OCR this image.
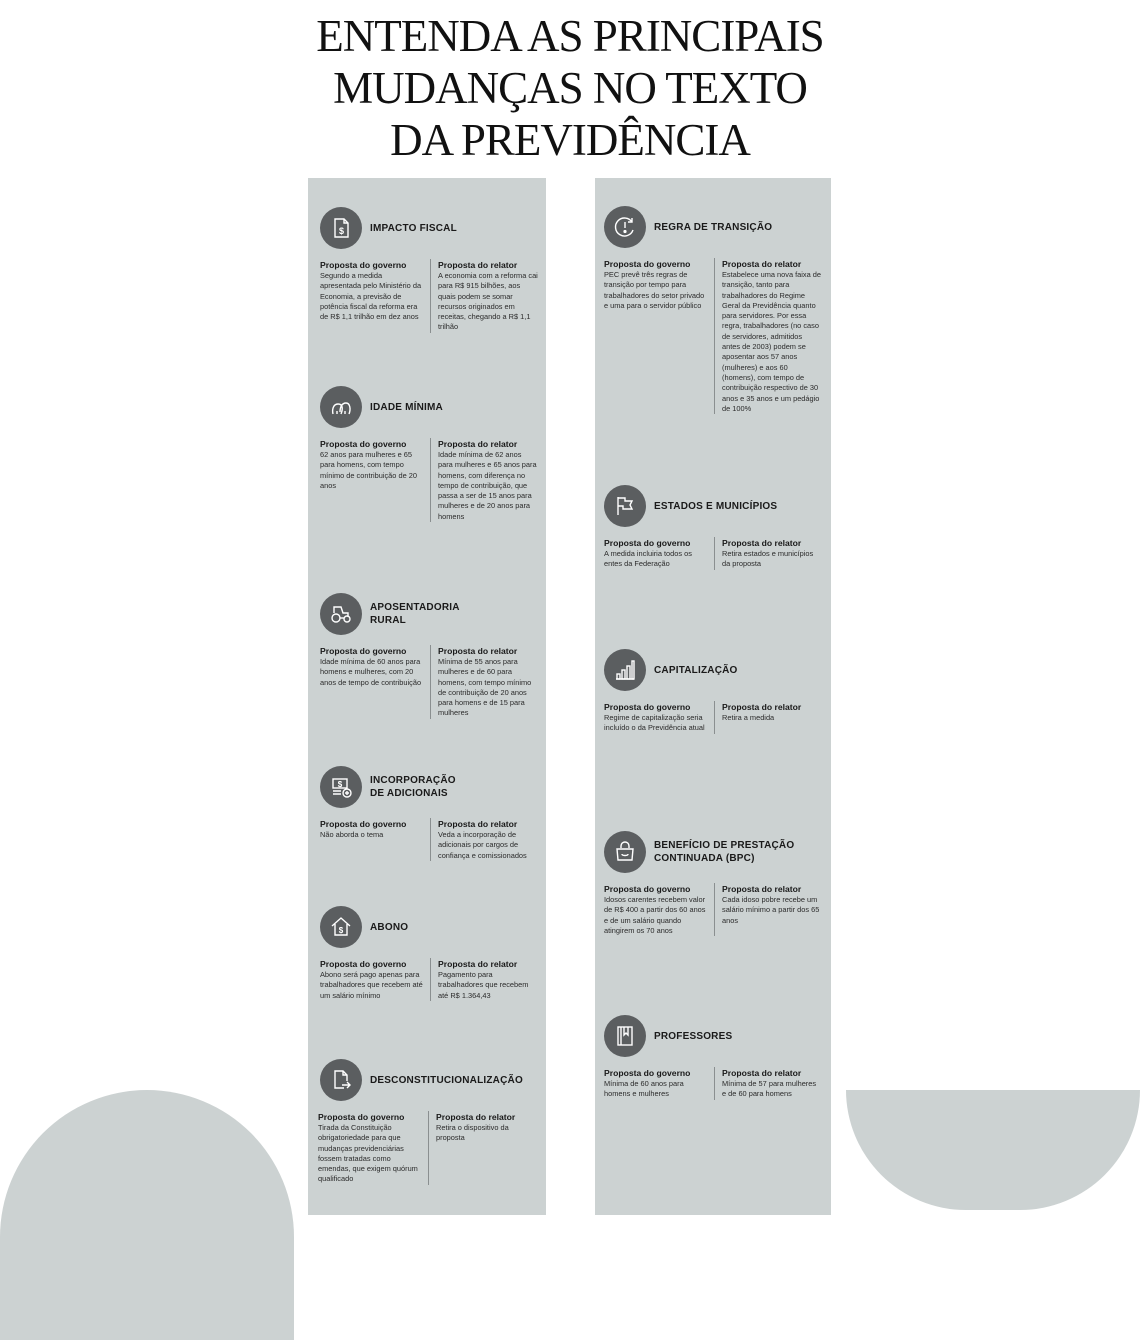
ENTENDA AS PRINCIPAIS
MUDANÇAS NO TEXTO
DA PREVIDÊNCIA
$	IMPACTO FISCAL
Proposta do governo
Segundo a medida apresentada pelo Ministério da Economia, a previsão de potência fiscal da reforma era de R$ 1,1 trilhão em dez anos
Proposta do relator
A economia com a reforma cai para R$ 915 bilhões, aos quais podem se somar recursos originados em receitas, chegando a R$ 1,1 trilhão
IDADE MÍNIMA
Proposta do governo
62 anos para mulheres e 65 para homens, com tempo mínimo de contribuição de 20 anos
Proposta do relator
Idade mínima de 62 anos para mulheres e 65 anos para homens, com diferença no tempo de contribuição, que passa a ser de 15 anos para mulheres e de 20 anos para homens
APOSENTADORIA
RURAL
Proposta do governo
Idade mínima de 60 anos para homens e mulheres, com 20 anos de tempo de contribuição
Proposta do relator
Mínima de 55 anos para mulheres e de 60 para homens, com tempo mínimo de contribuição de 20 anos para homens e de 15 para mulheres
$	INCORPORAÇÃO
DE ADICIONAIS
Proposta do governo
Não aborda o tema
Proposta do relator
Veda a incorporação de adicionais por cargos de confiança e comissionados
$	ABONO
Proposta do governo
Abono será pago apenas para trabalhadores que recebem até um salário mínimo
Proposta do relator
Pagamento para trabalhadores que recebem até R$ 1.364,43
DESCONSTITUCIONALIZAÇÃO
Proposta do governo
Tirada da Constituição obrigatoriedade para que mudanças previdenciárias fossem tratadas como emendas, que exigem quórum qualificado
Proposta do relator
Retira o dispositivo da proposta
REGRA DE TRANSIÇÃO
Proposta do governo
PEC prevê três regras de transição por tempo para trabalhadores do setor privado e uma para o servidor público
Proposta do relator
Estabelece uma nova faixa de transição, tanto para trabalhadores do Regime Geral da Previdência quanto para servidores. Por essa regra, trabalhadores (no caso de servidores, admitidos antes de 2003) podem se aposentar aos 57 anos (mulheres) e aos 60 (homens), com tempo de contribuição respectivo de 30 anos e 35 anos e um pedágio de 100%
ESTADOS E MUNICÍPIOS
Proposta do governo
A medida incluiria todos os entes da Federação
Proposta do relator
Retira estados e municípios da proposta
CAPITALIZAÇÃO
Proposta do governo
Regime de capitalização seria incluído o da Previdência atual
Proposta do relator
Retira a medida
BENEFÍCIO DE PRESTAÇÃO
CONTINUADA (BPC)
Proposta do governo
Idosos carentes recebem valor de R$ 400 a partir dos 60 anos e de um salário quando atingirem os 70 anos
Proposta do relator
Cada idoso pobre recebe um salário mínimo a partir dos 65 anos
PROFESSORES
Proposta do governo
Mínima de 60 anos para homens e mulheres
Proposta do relator
Mínima de 57 para mulheres e de 60 para homens
